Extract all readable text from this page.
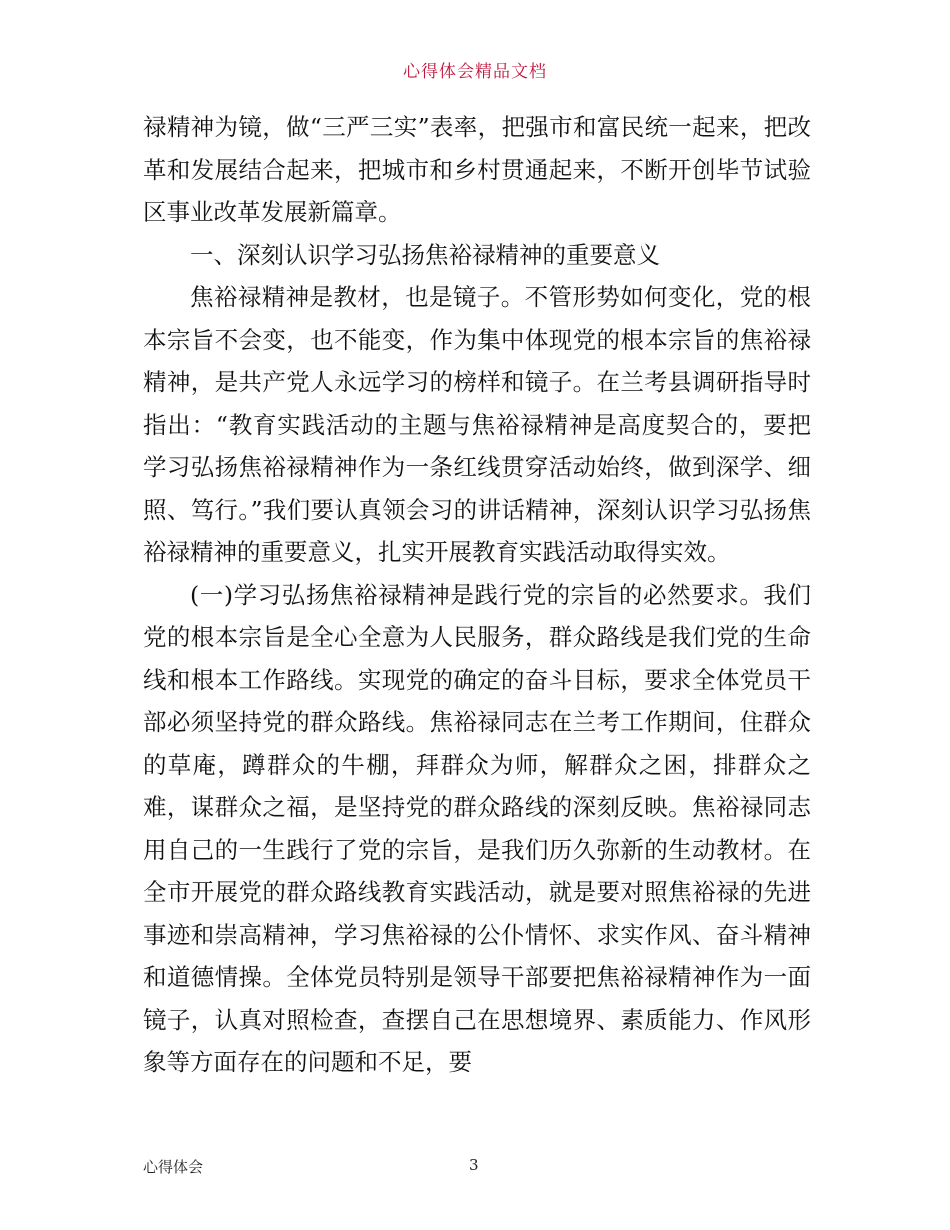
心得体会精品文档

禄精神为镜，做“三严三实”表率，把强市和富民统一起来，把改革和发展结合起来，把城市和乡村贯通起来，不断开创毕节试验区事业改革发展新篇章。

一、深刻认识学习弘扬焦裕禄精神的重要意义

焦裕禄精神是教材，也是镜子。不管形势如何变化，党的根本宗旨不会变，也不能变，作为集中体现党的根本宗旨的焦裕禄精神，是共产党人永远学习的榜样和镜子。在兰考县调研指导时指出：“教育实践活动的主题与焦裕禄精神是高度契合的，要把学习弘扬焦裕禄精神作为一条红线贯穿活动始终，做到深学、细照、笃行。”我们要认真领会习的讲话精神，深刻认识学习弘扬焦裕禄精神的重要意义，扎实开展教育实践活动取得实效。

(一)学习弘扬焦裕禄精神是践行党的宗旨的必然要求。我们党的根本宗旨是全心全意为人民服务，群众路线是我们党的生命线和根本工作路线。实现党的确定的奋斗目标，要求全体党员干部必须坚持党的群众路线。焦裕禄同志在兰考工作期间，住群众的草庵，蹲群众的牛棚，拜群众为师，解群众之困，排群众之难，谋群众之福，是坚持党的群众路线的深刻反映。焦裕禄同志用自己的一生践行了党的宗旨，是我们历久弥新的生动教材。在全市开展党的群众路线教育实践活动，就是要对照焦裕禄的先进事迹和崇高精神，学习焦裕禄的公仆情怀、求实作风、奋斗精神和道德情操。全体党员特别是领导干部要把焦裕禄精神作为一面镜子，认真对照检查，查摆自己在思想境界、素质能力、作风形象等方面存在的问题和不足，要

心得体会	3
